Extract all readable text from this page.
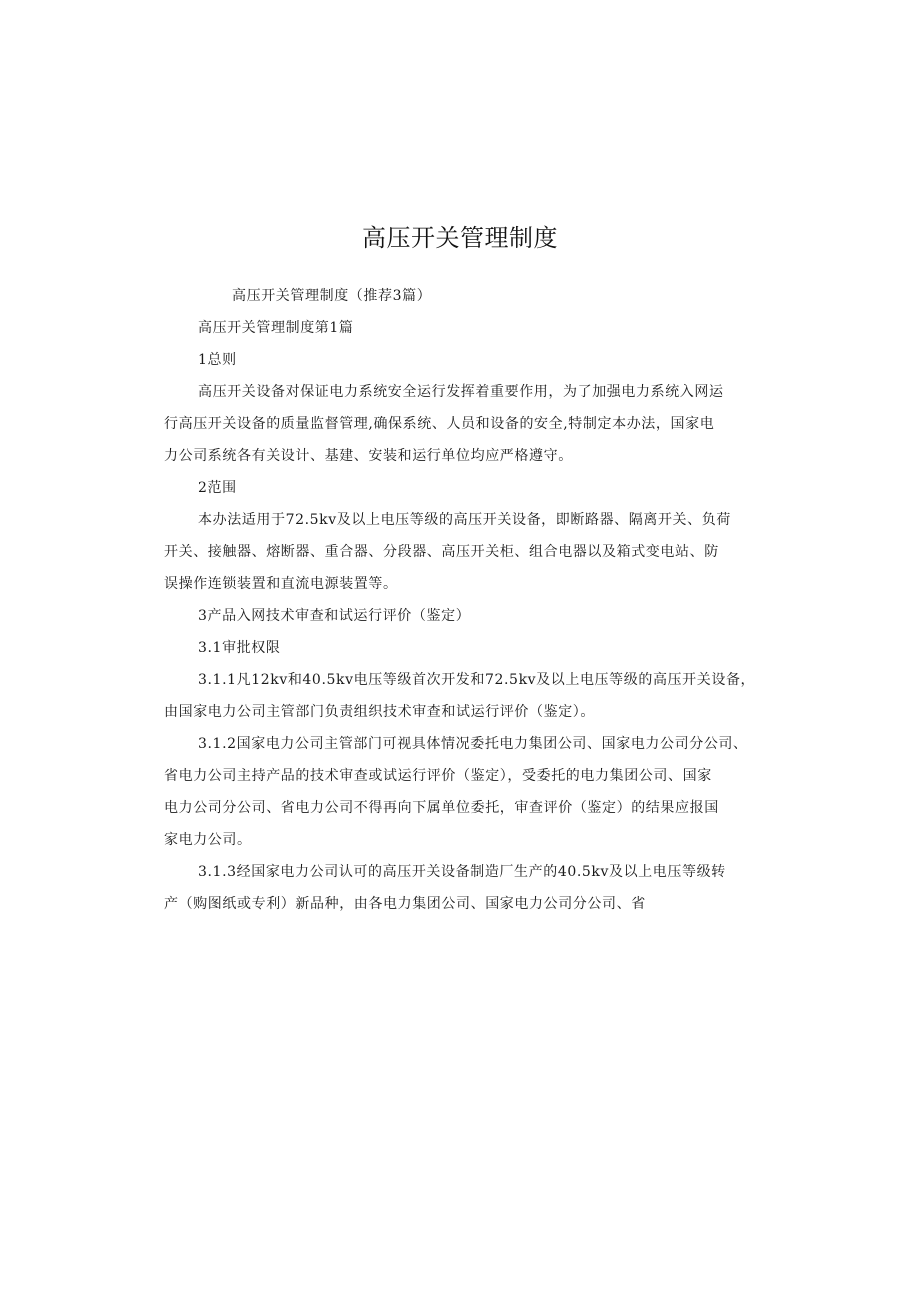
高压开关管理制度

高压开关管理制度（推荐3篇）

高压开关管理制度第1篇

1总则

高压开关设备对保证电力系统安全运行发挥着重要作用，为了加强电力系统入网运

行高压开关设备的质量监督管理,确保系统、人员和设备的安全,特制定本办法，国家电

力公司系统各有关设计、基建、安装和运行单位均应严格遵守。

2范围

本办法适用于72.5kv及以上电压等级的高压开关设备，即断路器、隔离开关、负荷

开关、接触器、熔断器、重合器、分段器、高压开关柜、组合电器以及箱式变电站、防

误操作连锁装置和直流电源装置等。

3产品入网技术审查和试运行评价（鉴定）

3.1审批权限

3.1.1凡12kv和40.5kv电压等级首次开发和72.5kv及以上电压等级的高压开关设备，

由国家电力公司主管部门负责组织技术审查和试运行评价（鉴定）。

3.1.2国家电力公司主管部门可视具体情况委托电力集团公司、国家电力公司分公司、

省电力公司主持产品的技术审查或试运行评价（鉴定），受委托的电力集团公司、国家

电力公司分公司、省电力公司不得再向下属单位委托，审查评价（鉴定）的结果应报国

家电力公司。

3.1.3经国家电力公司认可的高压开关设备制造厂生产的40.5kv及以上电压等级转

产（购图纸或专利）新品种，由各电力集团公司、国家电力公司分公司、省
